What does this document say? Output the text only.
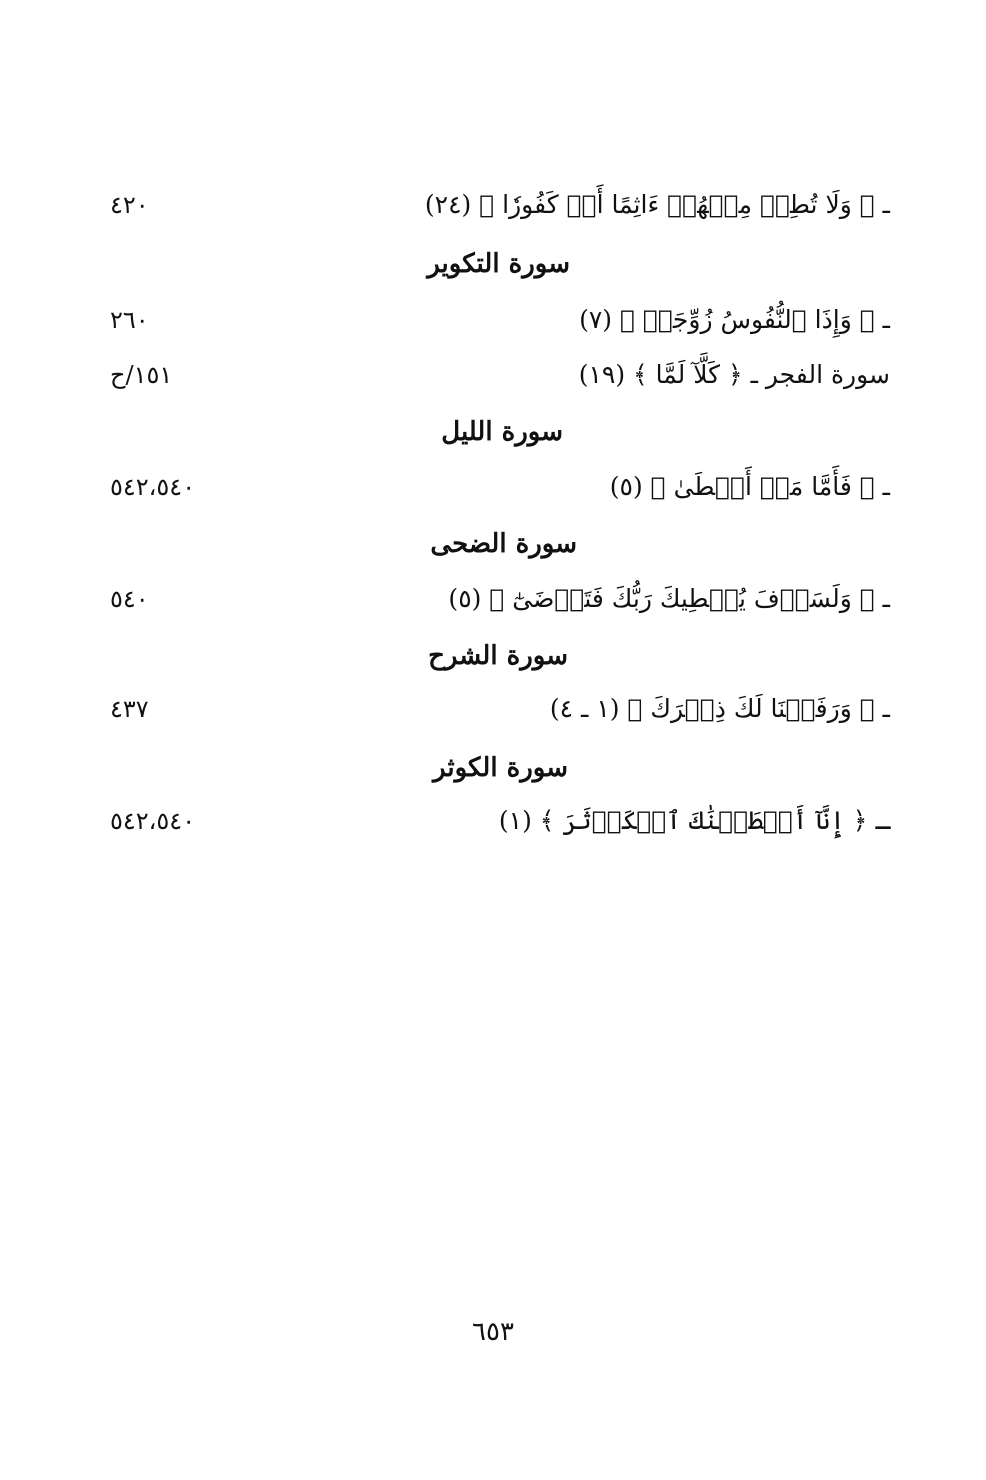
ـ ﴿ وَلَا تُطِعۡ مِنۡهُمۡ ءَاثِمًا أَوۡ كَفُورٗا ﴾ (٢٤)
٤٢٠
سورة التكوير
ـ ﴿ وَإِذَا ٱلنُّفُوسُ زُوِّجَتۡ ﴾ (٧)
٢٦٠
سورة الفجر ـ ﴿ كَلَّآ لَمَّا ﴾ (١٩)
١٥١/ح
سورة الليل
ـ ﴿ فَأَمَّا مَنۡ أَعۡطَىٰ ﴾ (٥)
٥٤٢،٥٤٠
سورة الضحى
ـ ﴿ وَلَسَوۡفَ يُعۡطِيكَ رَبُّكَ فَتَرۡضَىٰٓ ﴾ (٥)
٥٤٠
سورة الشرح
ـ ﴿ وَرَفَعۡنَا لَكَ ذِكۡرَكَ ﴾ (١ ـ ٤)
٤٣٧
سورة الكوثر
ـ ﴿ إِنَّآ أَعۡطَيۡنَٰكَ ٱلۡكَوۡثَرَ ﴾ (١)
٥٤٢،٥٤٠
٦٥٣
